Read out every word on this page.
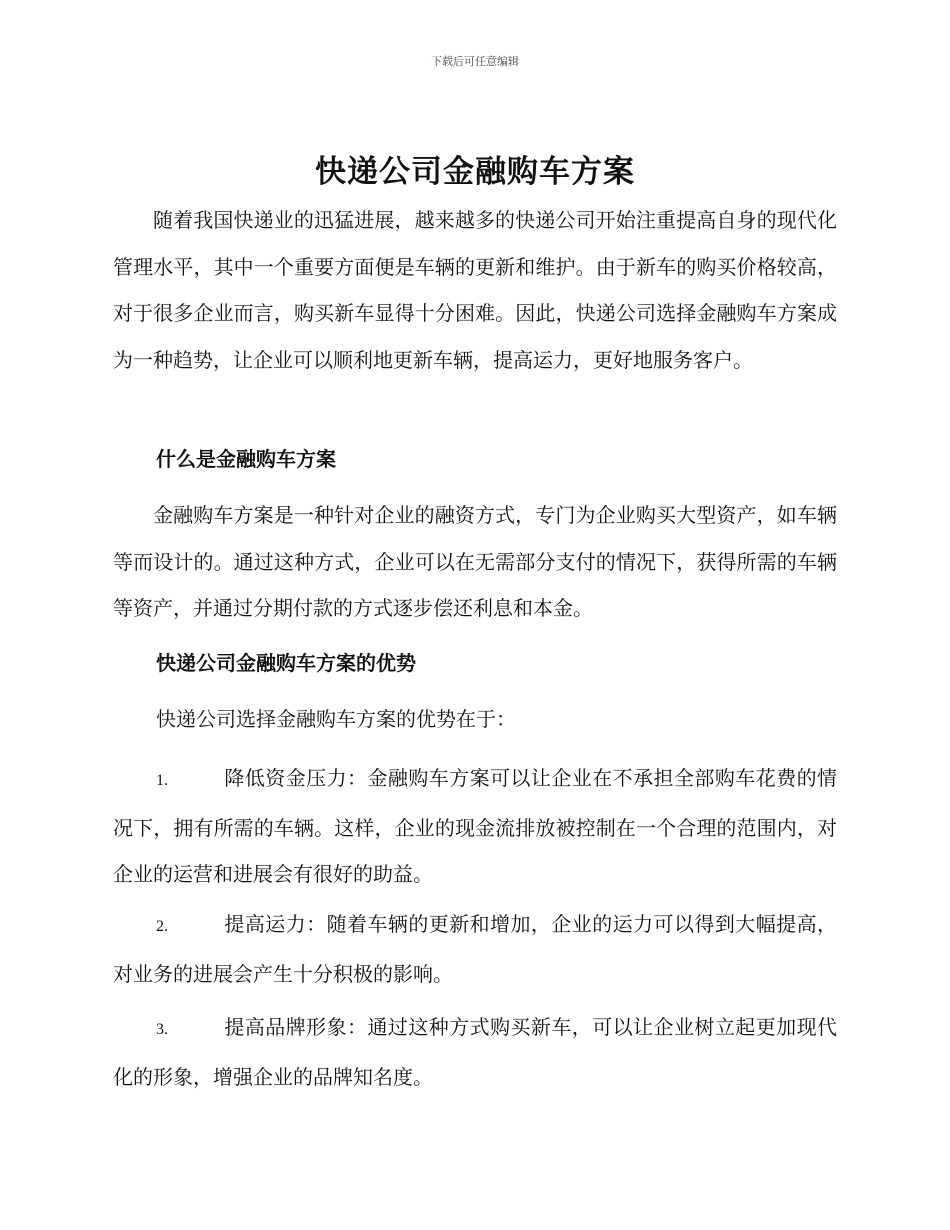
下载后可任意编辑
快递公司金融购车方案

随着我国快递业的迅猛进展，越来越多的快递公司开始注重提高自身的现代化管理水平，其中一个重要方面便是车辆的更新和维护。由于新车的购买价格较高，对于很多企业而言，购买新车显得十分困难。因此，快递公司选择金融购车方案成为一种趋势，让企业可以顺利地更新车辆，提高运力，更好地服务客户。

什么是金融购车方案

金融购车方案是一种针对企业的融资方式，专门为企业购买大型资产，如车辆等而设计的。通过这种方式，企业可以在无需部分支付的情况下，获得所需的车辆等资产，并通过分期付款的方式逐步偿还利息和本金。

快递公司金融购车方案的优势
快递公司选择金融购车方案的优势在于：

1.	降低资金压力：金融购车方案可以让企业在不承担全部购车花费的情况下，拥有所需的车辆。这样，企业的现金流排放被控制在一个合理的范围内，对企业的运营和进展会有很好的助益。

2.	提高运力：随着车辆的更新和增加，企业的运力可以得到大幅提高，对业务的进展会产生十分积极的影响。

3.	提高品牌形象：通过这种方式购买新车，可以让企业树立起更加现代化的形象，增强企业的品牌知名度。
